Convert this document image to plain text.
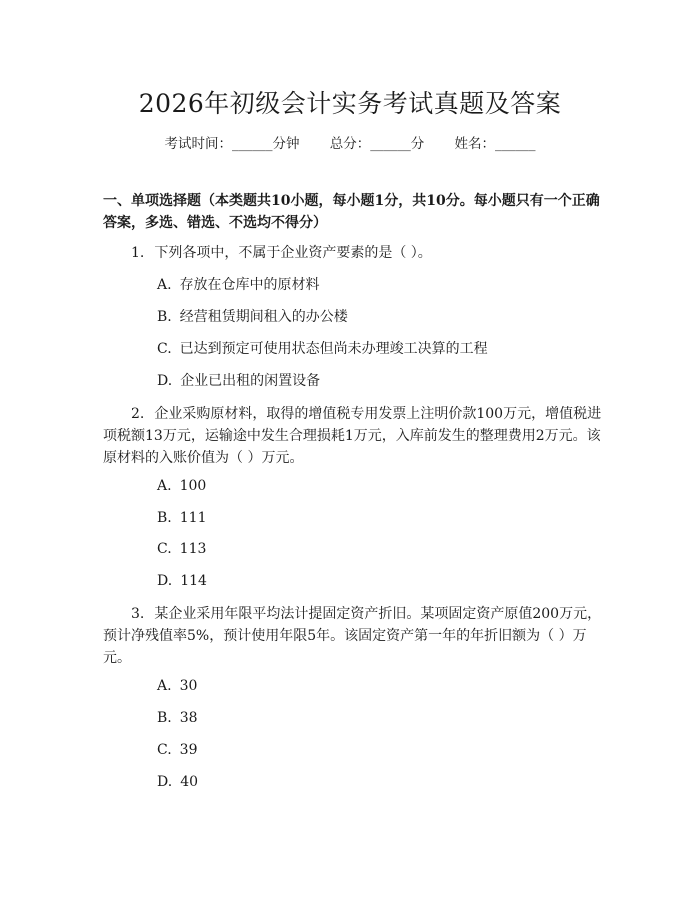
2026年初级会计实务考试真题及答案
考试时间：______分钟 总分：______分 姓名：______
一、单项选择题（本类题共10小题，每小题1分，共10分。每小题只有一个正确答案，多选、错选、不选均不得分）
1. 下列各项中，不属于企业资产要素的是（ ）。
A. 存放在仓库中的原材料
B. 经营租赁期间租入的办公楼
C. 已达到预定可使用状态但尚未办理竣工决算的工程
D. 企业已出租的闲置设备
2. 企业采购原材料，取得的增值税专用发票上注明价款100万元，增值税进项税额13万元，运输途中发生合理损耗1万元，入库前发生的整理费用2万元。该原材料的入账价值为（ ）万元。
A. 100
B. 111
C. 113
D. 114
3. 某企业采用年限平均法计提固定资产折旧。某项固定资产原值200万元，预计净残值率5%，预计使用年限5年。该固定资产第一年的年折旧额为（ ）万元。
A. 30
B. 38
C. 39
D. 40
